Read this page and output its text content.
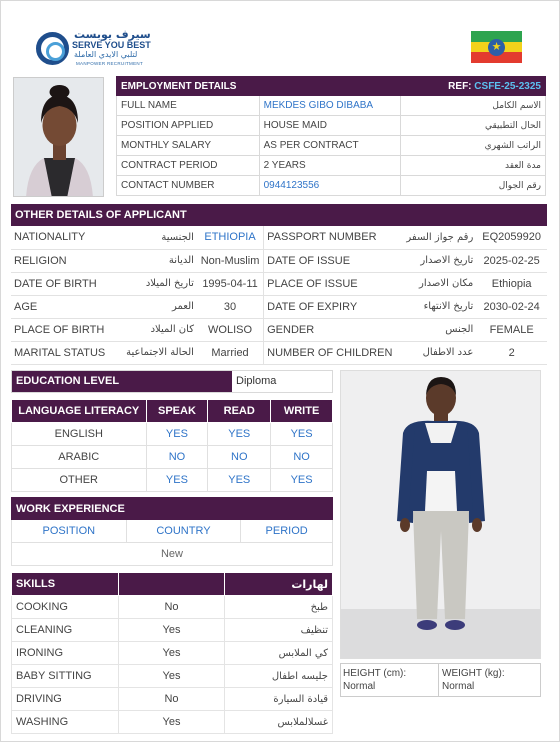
سيرف يوبست
SERVE YOU BEST
لتلبي الايدي العاملة
MANPOWER RECRUITMENT
★
EMPLOYMENT DETAILS		REF: CSFE-25-2325
FULL NAME	MEKDES GIBO DIBABA	الاسم الكامل
POSITION APPLIED	HOUSE MAID	الحال التطبيقي
MONTHLY SALARY	AS PER CONTRACT	الراتب الشهري
CONTRACT PERIOD	2 YEARS	مدة العقد
CONTACT NUMBER	0944123556	رقم الجوال
OTHER DETAILS OF APPLICANT
NATIONALITY	الجنسية	ETHIOPIA	PASSPORT NUMBER	رقم جواز السفر	EQ2059920
RELIGION	الديانة	Non-Muslim	DATE OF ISSUE	تاريخ الاصدار	2025-02-25
DATE OF BIRTH	تاريخ الميلاد	1995-04-11	PLACE OF ISSUE	مكان الاصدار	Ethiopia
AGE	العمر	30	DATE OF EXPIRY	تاريخ الانتهاء	2030-02-24
PLACE OF BIRTH	كان الميلاد	WOLISO	GENDER	الجنس	FEMALE
MARITAL STATUS	الحالة الاجتماعية	Married	NUMBER OF CHILDREN	عدد الاطفال	2
EDUCATION LEVEL	Diploma
LANGUAGE LITERACY	SPEAK	READ	WRITE
ENGLISH	YES	YES	YES
ARABIC	NO	NO	NO
OTHER	YES	YES	YES
WORK EXPERIENCE
POSITION	COUNTRY	PERIOD
New
SKILLS		لهارات
COOKING	No	طبخ
CLEANING	Yes	تنظيف
IRONING	Yes	كي الملابس
BABY SITTING	Yes	جليسه اطفال
DRIVING	No	قيادة السيارة
WASHING	Yes	غسلالملابس
HEIGHT (cm):
Normal
WEIGHT (kg):
Normal
